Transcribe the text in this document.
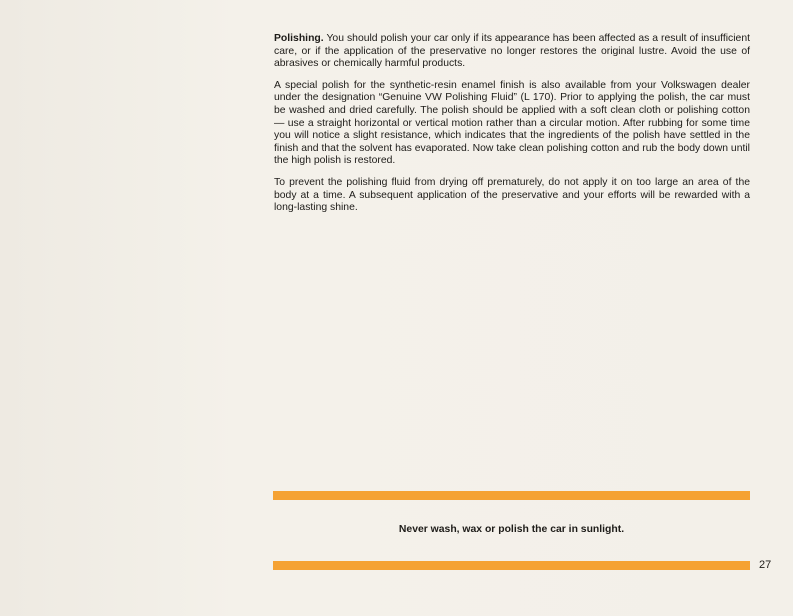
Polishing. You should polish your car only if its appearance has been affected as a result of insufficient care, or if the application of the preservative no longer restores the original lustre. Avoid the use of abrasives or chemically harmful products.

A special polish for the synthetic-resin enamel finish is also available from your Volkswagen dealer under the designation “Genuine VW Polishing Fluid” (L 170). Prior to applying the polish, the car must be washed and dried carefully. The polish should be applied with a soft clean cloth or polishing cotton — use a straight horizontal or vertical motion rather than a circular motion. After rubbing for some time you will notice a slight resistance, which indicates that the ingredients of the polish have settled in the finish and that the solvent has evaporated. Now take clean polishing cotton and rub the body down until the high polish is restored.

To prevent the polishing fluid from drying off prematurely, do not apply it on too large an area of the body at a time. A subsequent application of the preservative and your efforts will be rewarded with a long-lasting shine.

Never wash, wax or polish the car in sunlight.
27
